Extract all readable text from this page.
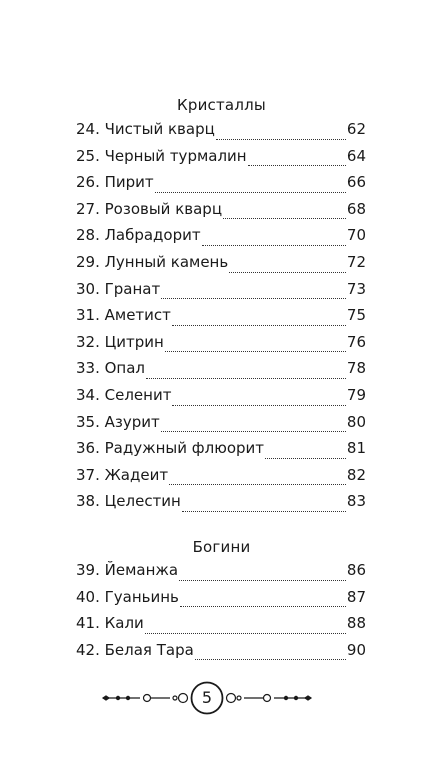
Кристаллы
24. Чистый кварц	62
25. Черный турмалин	64
26. Пирит	66
27. Розовый кварц	68
28. Лабрадорит	70
29. Лунный камень	72
30. Гранат	73
31. Аметист	75
32. Цитрин	76
33. Опал	78
34. Селенит	79
35. Азурит	80
36. Радужный флюорит	81
37. Жадеит	82
38. Целестин	83
Богини
39. Йеманжа	86
40. Гуаньинь	87
41. Кали	88
42. Белая Тара	90
5
